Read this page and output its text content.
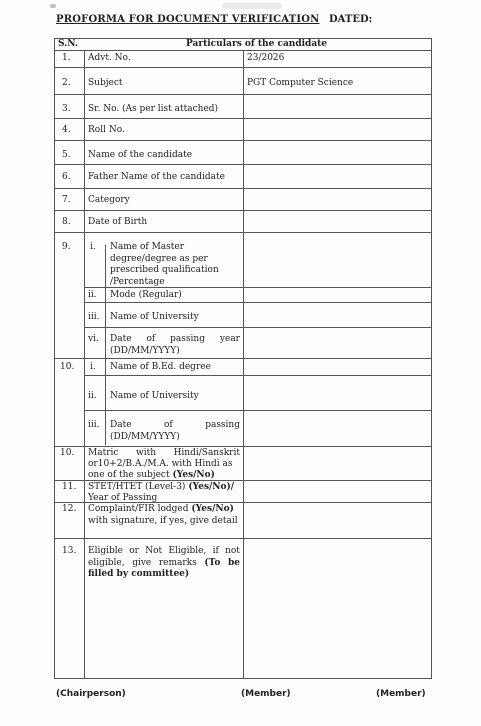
PROFORMA FOR DOCUMENT VERIFICATION DATED:
S.N.	Particulars of the candidate
1. Advt. No.	23/2026
2. Subject	PGT Computer Science
3. Sr. No. (As per list attached)
4. Roll No.
5. Name of the candidate
6. Father Name of the candidate
7. Category
8. Date of Birth
9. i. Name of Master
degree/degree as per
prescribed qualification
/Percentage
ii. Mode (Regular)
iii. Name of University
vi. Date of passing year
(DD/MM/YYYY)
10. i. Name of B.Ed. degree
ii. Name of University
iii. Date	of	passing
(DD/MM/YYYY)
10. Matric with Hindi/Sanskrit
or10+2/B.A./M.A. with Hindi as
one of the subject (Yes/No)
11. STET/HTET (Level-3) (Yes/No)/
Year of Passing
12. Complaint/FIR lodged (Yes/No)
with signature, if yes, give detail
13. Eligible or Not Eligible, if not
eligible, give remarks (To be
filled by committee)
(Chairperson)	(Member)	(Member)
